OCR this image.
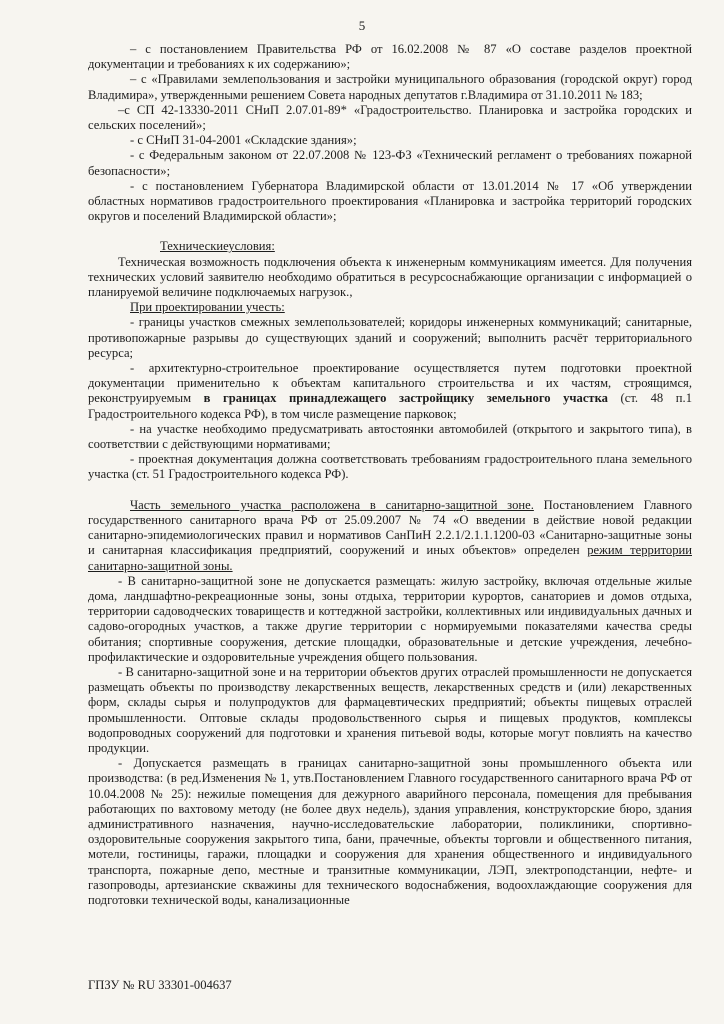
5

– с постановлением Правительства РФ от 16.02.2008 № 87 «О составе разделов проектной документации и требованиях к их содержанию»;

– с «Правилами землепользования и застройки муниципального образования (городской округ) город Владимира», утвержденными решением Совета народных депутатов г.Владимира от 31.10.2011 № 183;

–с СП 42-13330-2011 СНиП 2.07.01-89* «Градостроительство. Планировка и застройка городских и сельских поселений»;

- с СНиП 31-04-2001 «Складские здания»;

- с Федеральным законом от 22.07.2008 № 123-ФЗ «Технический регламент о требованиях пожарной безопасности»;

- с постановлением Губернатора Владимирской области от 13.01.2014 № 17 «Об утверждении областных нормативов градостроительного проектирования «Планировка и застройка территорий городских округов и поселений Владимирской области»;

Техническиеусловия:

Техническая возможность подключения объекта к инженерным коммуникациям имеется. Для получения технических условий заявителю необходимо обратиться в ресурсоснабжающие организации с информацией о планируемой величине подключаемых нагрузок.,

При проектировании учесть:

- границы участков смежных землепользователей; коридоры инженерных коммуникаций; санитарные, противопожарные разрывы до существующих зданий и сооружений; выполнить расчёт территориального ресурса;

- архитектурно-строительное проектирование осуществляется путем подготовки проектной документации применительно к объектам капитального строительства и их частям, строящимся, реконструируемым в границах принадлежащего застройщику земельного участка (ст. 48 п.1 Градостроительного кодекса РФ), в том числе размещение парковок;

- на участке необходимо предусматривать автостоянки автомобилей (открытого и закрытого типа), в соответствии с действующими нормативами;

- проектная документация должна соответствовать требованиям градостроительного плана земельного участка (ст. 51 Градостроительного кодекса РФ).

Часть земельного участка расположена в санитарно-защитной зоне. Постановлением Главного государственного санитарного врача РФ от 25.09.2007 № 74 «О введении в действие новой редакции санитарно-эпидемиологических правил и нормативов СанПиН 2.2.1/2.1.1.1200-03 «Санитарно-защитные зоны и санитарная классификация предприятий, сооружений и иных объектов» определен режим территории санитарно-защитной зоны.

- В санитарно-защитной зоне не допускается размещать: жилую застройку, включая отдельные жилые дома, ландшафтно-рекреационные зоны, зоны отдыха, территории курортов, санаториев и домов отдыха, территории садоводческих товариществ и коттеджной застройки, коллективных или индивидуальных дачных и садово-огородных участков, а также другие территории с нормируемыми показателями качества среды обитания; спортивные сооружения, детские площадки, образовательные и детские учреждения, лечебно-профилактические и оздоровительные учреждения общего пользования.

- В санитарно-защитной зоне и на территории объектов других отраслей промышленности не допускается размещать объекты по производству лекарственных веществ, лекарственных средств и (или) лекарственных форм, склады сырья и полупродуктов для фармацевтических предприятий; объекты пищевых отраслей промышленности. Оптовые склады продовольственного сырья и пищевых продуктов, комплексы водопроводных сооружений для подготовки и хранения питьевой воды, которые могут повлиять на качество продукции.

- Допускается размещать в границах санитарно-защитной зоны промышленного объекта или производства: (в ред.Изменения № 1, утв.Постановлением Главного государственного санитарного врача РФ от 10.04.2008 № 25): нежилые помещения для дежурного аварийного персонала, помещения для пребывания работающих по вахтовому методу (не более двух недель), здания управления, конструкторские бюро, здания административного назначения, научно-исследовательские лаборатории, поликлиники, спортивно-оздоровительные сооружения закрытого типа, бани, прачечные, объекты торговли и общественного питания, мотели, гостиницы, гаражи, площадки и сооружения для хранения общественного и индивидуального транспорта, пожарные депо, местные и транзитные коммуникации, ЛЭП, электроподстанции, нефте- и газопроводы, артезианские скважины для технического водоснабжения, водоохлаждающие сооружения для подготовки технической воды, канализационные

ГПЗУ № RU 33301-004637
